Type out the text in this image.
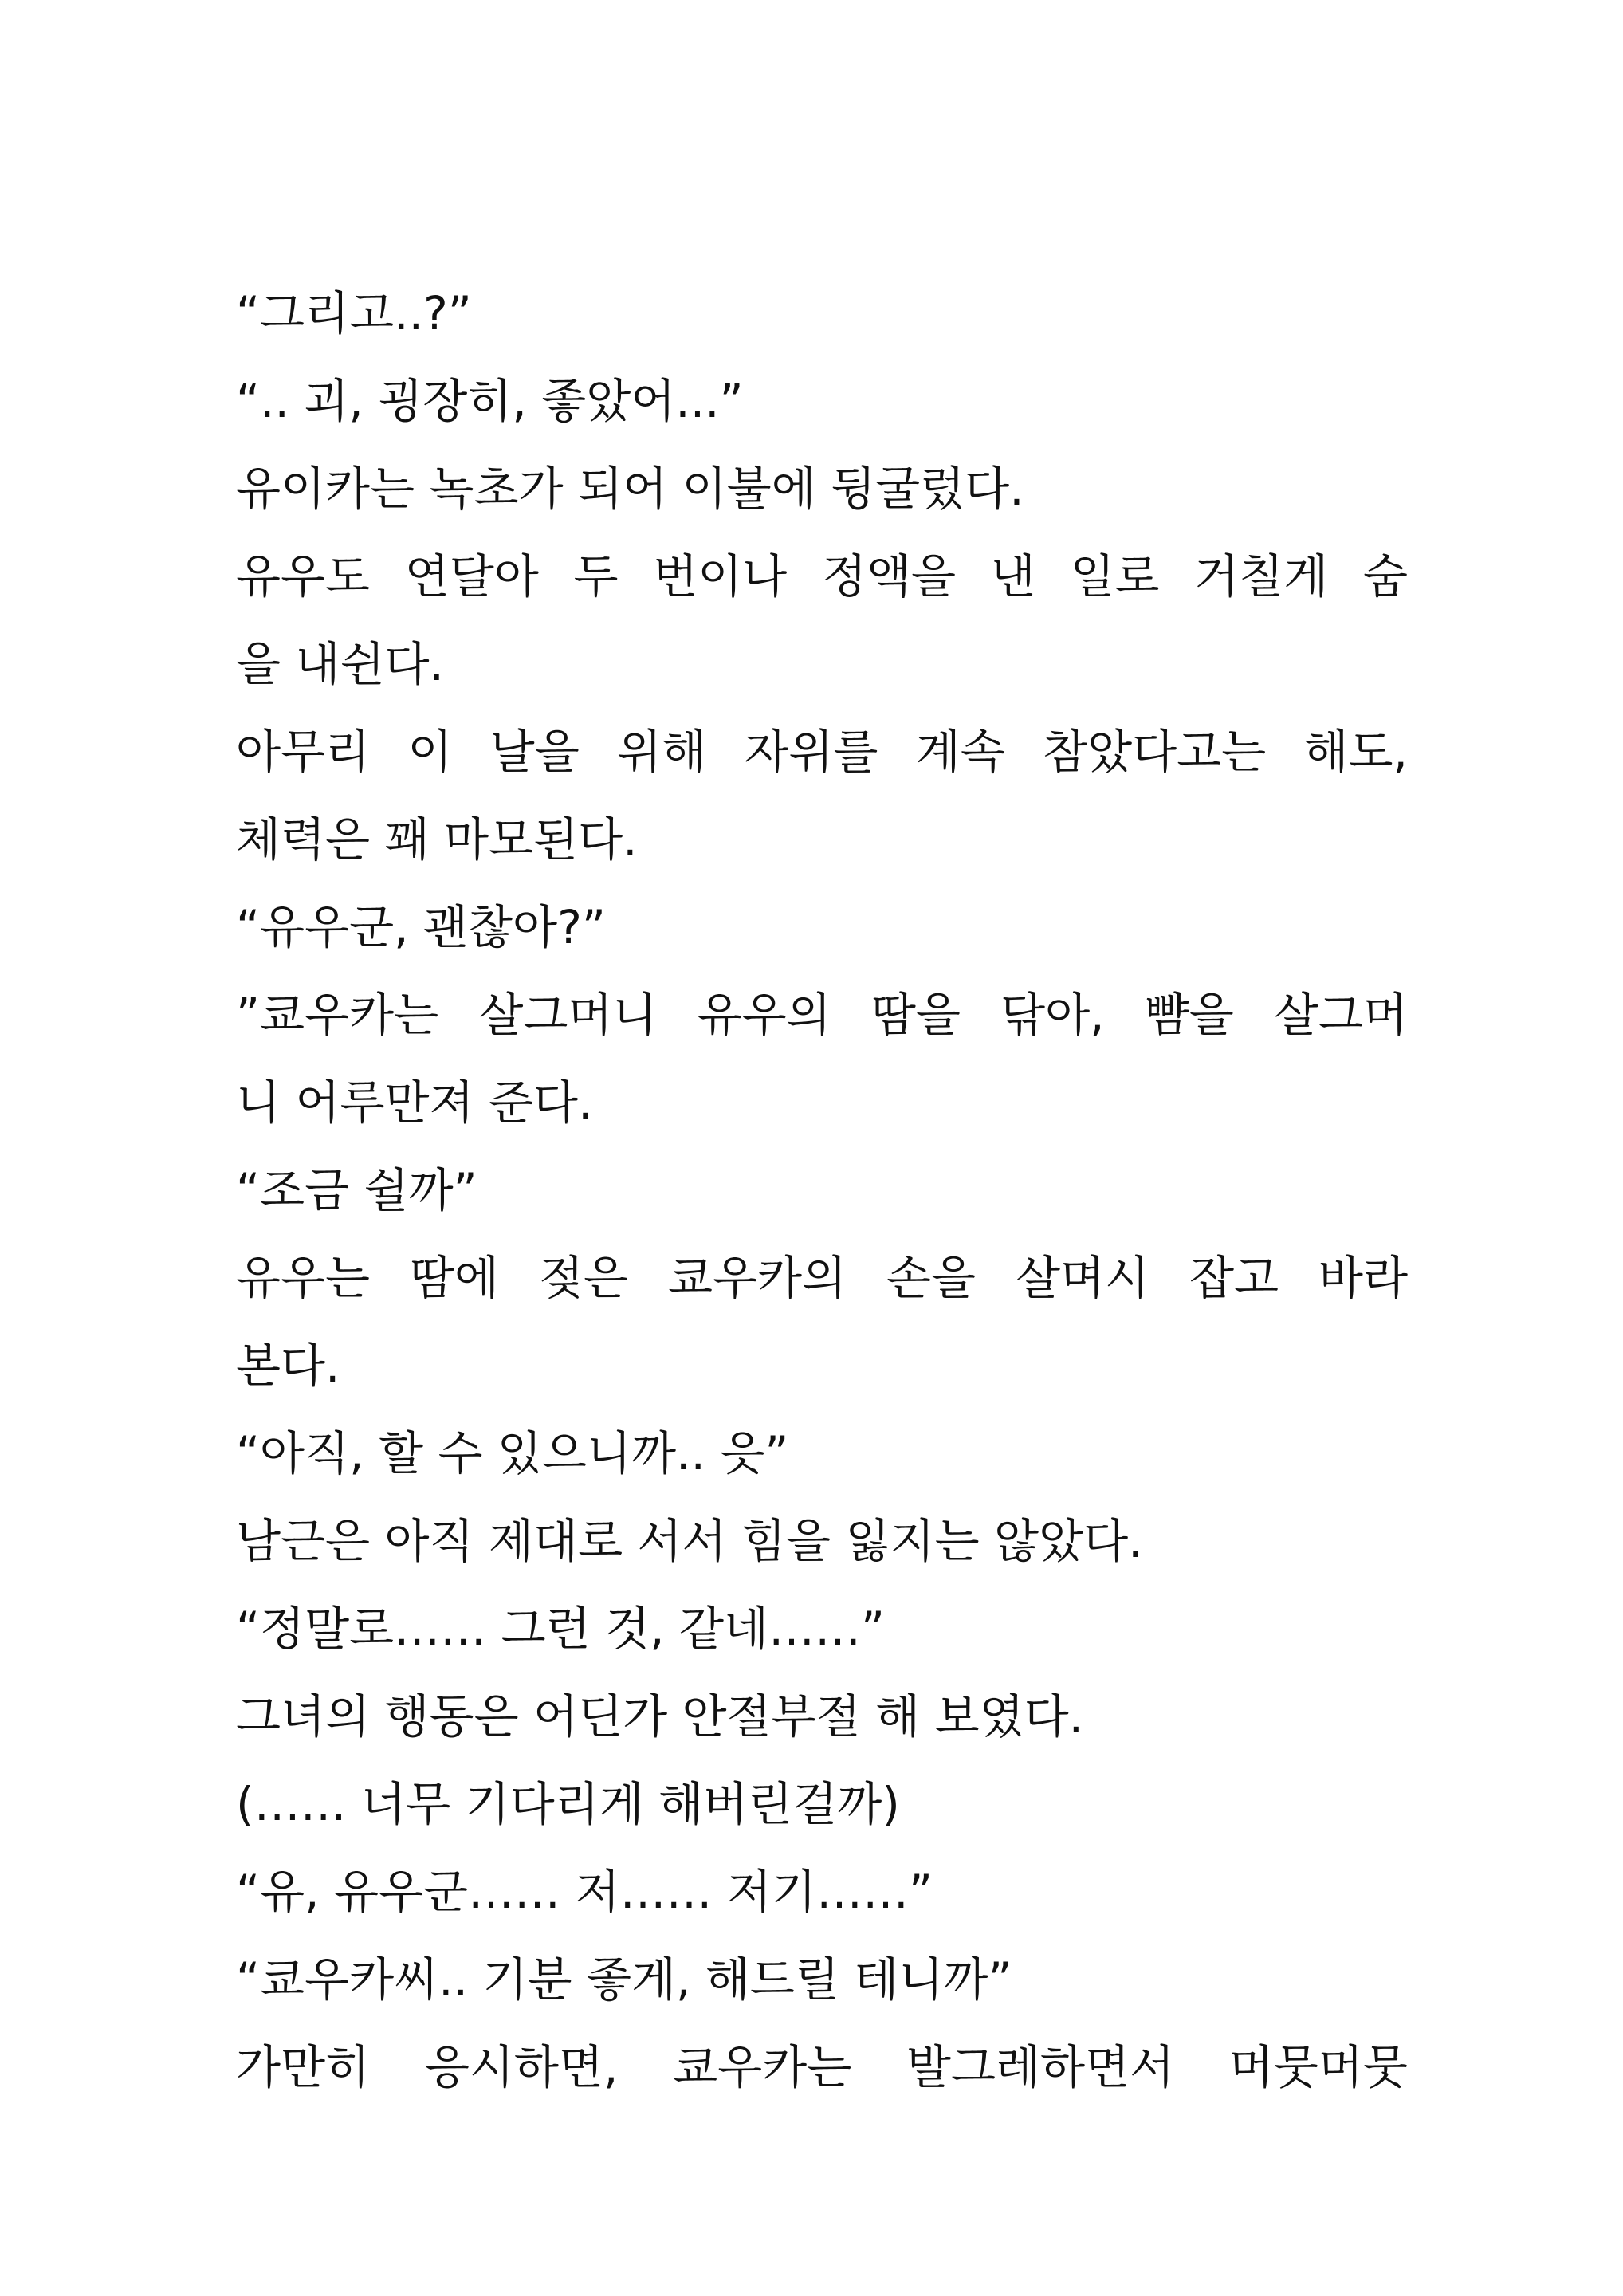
“그리고..?”
“.. 괴, 굉장히, 좋았어...”
유이카는 녹초가 되어 이불에 뒹굴렀다.
유우도 연달아 두 번이나 정액을 낸 일로 거칠게 숨
을 내쉰다.
아무리 이 날을 위해 자위를 계속 참았다고는 해도,
체력은 꽤 마모된다.
“유우군, 괜찮아?”
”쿄우카는 살그머니 유우의 땀을 닦아, 뺨을 살그머
니 어루만져 준다.
“조금 쉴까”
유우는 땀에 젖은 쿄우카의 손을 살며시 잡고 바라
본다.
“아직, 할 수 있으니까.. 읏”
남근은 아직 제대로 서서 힘을 잃지는 않았다.
“정말로…… 그런 것, 같네……”
그녀의 행동은 어딘가 안절부절 해 보였다.
(…… 너무 기다리게 해버린걸까)
“유, 유우군…… 저…… 저기……”
“쿄우카씨.. 기분 좋게, 해드릴 테니까”
가만히 응시하면, 쿄우카는 발그레하면서 머뭇머뭇
